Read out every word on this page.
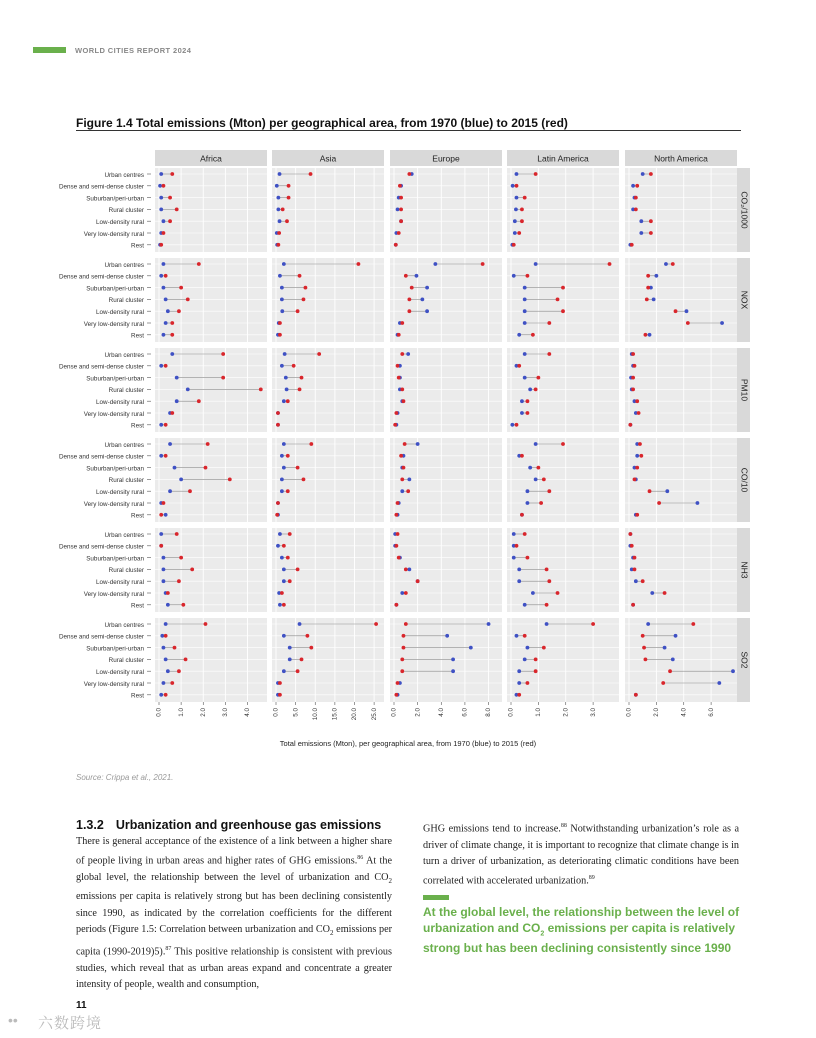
WORLD CITIES REPORT 2024
Figure 1.4 Total emissions (Mton) per geographical area, from 1970 (blue) to 2015 (red)
Africa	Asia	Europe	Latin America	North America
CO₂/1000
Urban centres
Dense and semi-dense cluster
Suburban/peri-urban
Rural cluster
Low-density rural
Very low-density rural
Rest
NOX
Urban centres
Dense and semi-dense cluster
Suburban/peri-urban
Rural cluster
Low-density rural
Very low-density rural
Rest
PM10
Urban centres
Dense and semi-dense cluster
Suburban/peri-urban
Rural cluster
Low-density rural
Very low-density rural
Rest
CO/10
Urban centres
Dense and semi-dense cluster
Suburban/peri-urban
Rural cluster
Low-density rural
Very low-density rural
Rest
NH3
Urban centres
Dense and semi-dense cluster
Suburban/peri-urban
Rural cluster
Low-density rural
Very low-density rural
Rest
SO2
Urban centres
Dense and semi-dense cluster
Suburban/peri-urban
Rural cluster
Low-density rural
Very low-density rural
Rest
0.0 1.0 2.0 3.0 4.0	0.0 5.0 10.0 15.0 20.0 25.0 0.0	2.0	4.0	6.0	8.0 0.0	1.0	2.0	3.0	0.0	2.0	4.0	6.0
Total emissions (Mton), per geographical area, from 1970 (blue) to 2015 (red)
Source: Crippa et al., 2021.
1.3.2 Urbanization and greenhouse gas emissions
There is general acceptance of the existence of a link between a higher share of people living in urban areas and higher rates of GHG emissions.$^{86}$ At the global level, the relationship between the level of urbanization and $CO_2$ emissions per capita is relatively strong but has been declining consistently since 1990, as indicated by the correlation coefficients for the different periods (Figure 1.5: Correlation between urbanization and $CO_2$ emissions per capita (1990-2019)5).$^{87}$ This positive relationship is consistent with previous studies, which reveal that as urban areas expand and concentrate a greater intensity of people, wealth and consumption,
GHG emissions tend to increase.$^{88}$ Notwithstanding urbanization’s role as a driver of climate change, it is important to recognize that climate change is in turn a driver of urbanization, as deteriorating climatic conditions have been correlated with accelerated urbanization.$^{89}$
At the global level, the relationship between the level of urbanization and $CO_2$ emissions per capita is relatively strong but has been declining consistently since 1990
11
•• 六数跨境
